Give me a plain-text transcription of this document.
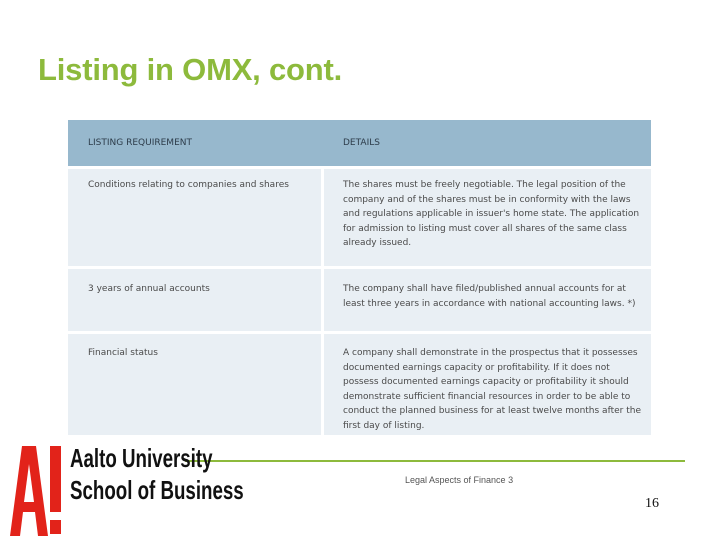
Listing in OMX, cont.
LISTING REQUIREMENT	DETAILS
Conditions relating to companies and shares	The shares must be freely negotiable. The legal position of the company and of the shares must be in conformity with the laws and regulations applicable in issuer's home state. The application for admission to listing must cover all shares of the same class already issued.
3 years of annual accounts	The company shall have filed/published annual accounts for at least three years in accordance with national accounting laws. *)
Financial status	A company shall demonstrate in the prospectus that it possesses documented earnings capacity or profitability. If it does not possess documented earnings capacity or profitability it should demonstrate sufficient financial resources in order to be able to conduct the planned business for at least twelve months after the first day of listing.
Aalto University
School of Business	Legal Aspects of Finance 3
16
